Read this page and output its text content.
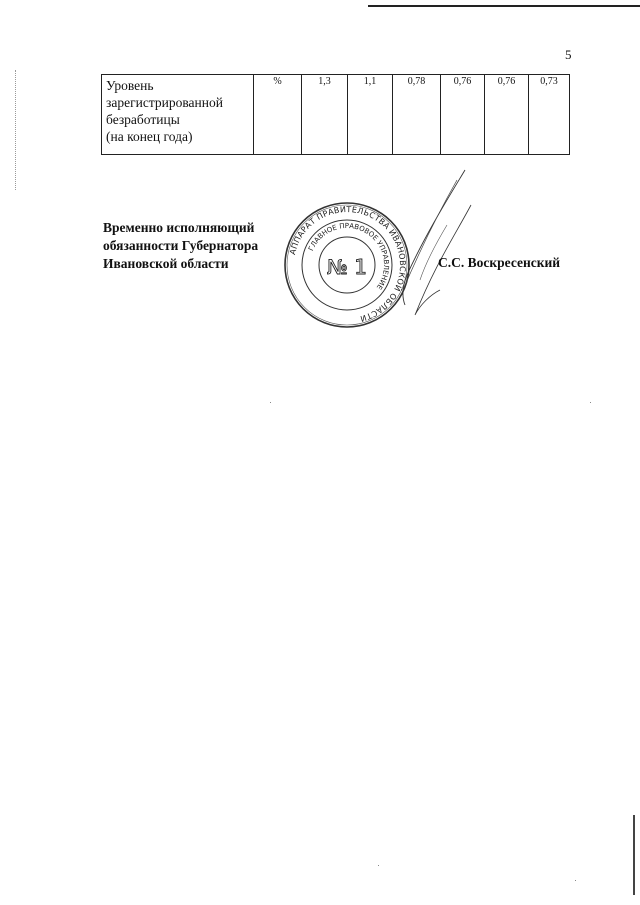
5
Уровень
зарегистрированной
безработицы
(на конец года)	%	1,3	1,1	0,78	0,76	0,76	0,73

Временно исполняющий
обязанности Губернатора
Ивановской области

АППАРАТ ПРАВИТЕЛЬСТВА ИВАНОВСКОЙ ОБЛАСТИ
ГЛАВНОЕ ПРАВОВОЕ УПРАВЛЕНИЕ
№ 1	С.С. Воскресенский
